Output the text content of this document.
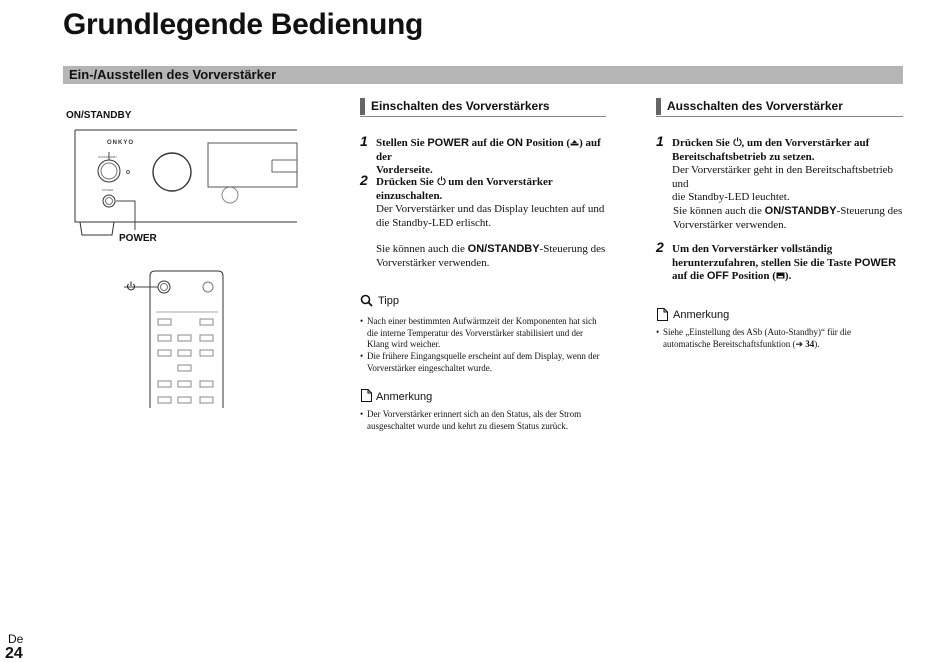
Grundlegende Bedienung
Ein-/Ausstellen des Vorverstärker
ON/STANDBY
POWER
ONKYO
ON/STANDBY
POWER
Einschalten des Vorverstärkers
1 Stellen Sie POWER auf die ON Position ( ) auf der
Vorderseite.
2 Drücken Sie  um den Vorverstärker
einzuschalten.
Der Vorverstärker und das Display leuchten auf und
die Standby-LED erlischt.
Sie können auch die ON/STANDBY-Steuerung des
Vorverstärker verwenden.
Tipp
• Nach einer bestimmten Aufwärmzeit der Komponenten hat sich
die interne Temperatur des Vorverstärker stabilisiert und der
Klang wird weicher.
• Die frühere Eingangsquelle erscheint auf dem Display, wenn der
Vorverstärker eingeschaltet wurde.
Anmerkung
• Der Vorverstärker erinnert sich an den Status, als der Strom
ausgeschaltet wurde und kehrt zu diesem Status zurück.
Ausschalten des Vorverstärker
1 Drücken Sie , um den Vorverstärker auf
Bereitschaftsbetrieb zu setzen.
Der Vorverstärker geht in den Bereitschaftsbetrieb und
die Standby-LED leuchtet.
Sie können auch die ON/STANDBY-Steuerung des
Vorverstärker verwenden.
2 Um den Vorverstärker vollständig
herunterzufahren, stellen Sie die Taste POWER
auf die OFF Position ( ).
Anmerkung
• Siehe „Einstellung des ASb (Auto-Standby)“ für die
automatische Bereitschaftsfunktion (➔ 34).
De
24
